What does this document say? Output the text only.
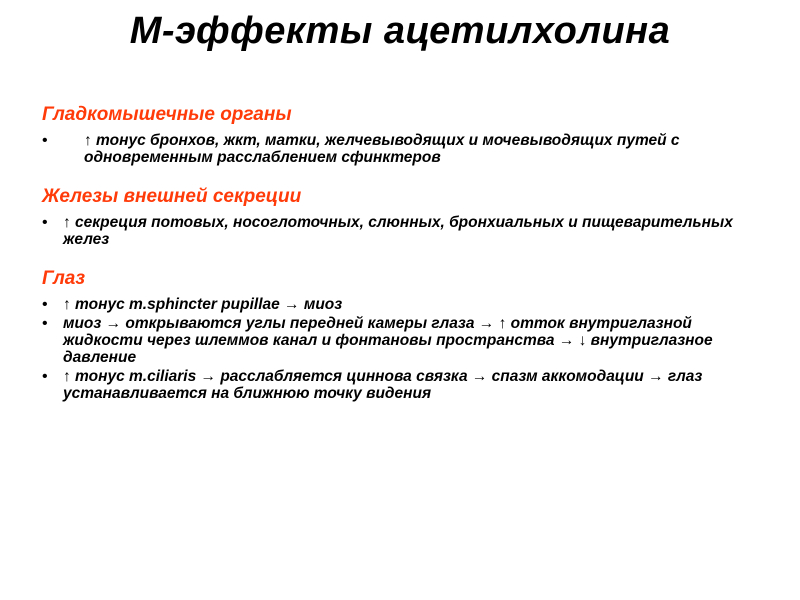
М-эффекты ацетилхолина
Гладкомышечные органы
• ↑ тонус бронхов, жкт, матки, желчевыводящих и мочевыводящих путей с одновременным расслаблением сфинктеров
Железы внешней секреции
• ↑ секреция потовых, носоглоточных, слюнных, бронхиальных и пищеварительных желез
Глаз
• ↑ тонус m.sphincter pupillae → миоз
• миоз → открываются углы передней камеры глаза → ↑ отток внутриглазной жидкости через шлеммов канал и фонтановы пространства → ↓ внутриглазное давление
• ↑ тонус m.ciliaris → расслабляется циннова связка → спазм аккомодации → глаз устанавливается на ближнюю точку видения
